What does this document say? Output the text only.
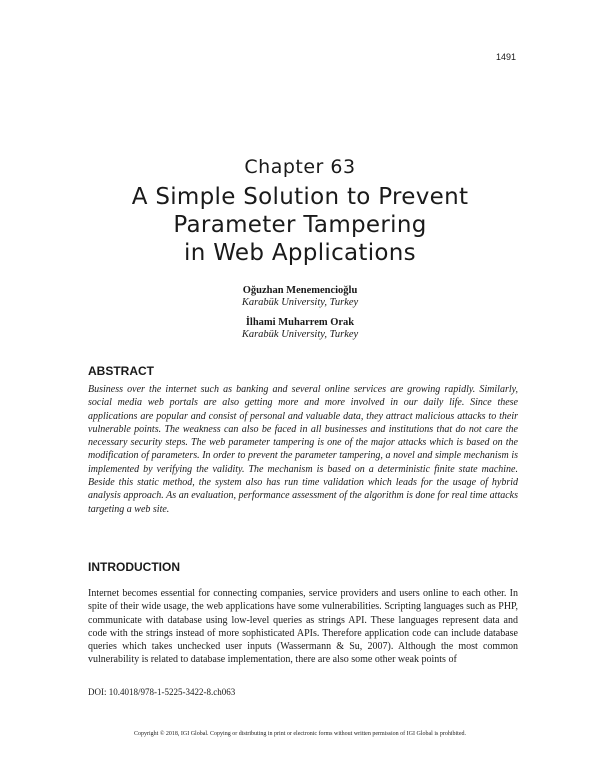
1491
Chapter 63
A Simple Solution to Prevent
Parameter Tampering
in Web Applications
Oğuzhan Menemencioğlu
Karabük University, Turkey
İlhami Muharrem Orak
Karabük University, Turkey
ABSTRACT

Business over the internet such as banking and several online services are growing rapidly. Similarly, social media web portals are also getting more and more involved in our daily life. Since these applications are popular and consist of personal and valuable data, they attract malicious attacks to their vulnerable points. The weakness can also be faced in all businesses and institutions that do not care the necessary security steps. The web parameter tampering is one of the major attacks which is based on the modification of parameters. In order to prevent the parameter tampering, a novel and simple mechanism is implemented by verifying the validity. The mechanism is based on a deterministic finite state machine. Beside this static method, the system also has run time validation which leads for the usage of hybrid analysis approach. As an evaluation, performance assessment of the algorithm is done for real time attacks targeting a web site.

INTRODUCTION

Internet becomes essential for connecting companies, service providers and users online to each other. In spite of their wide usage, the web applications have some vulnerabilities. Scripting languages such as PHP, communicate with database using low-level queries as strings API. These languages represent data and code with the strings instead of more sophisticated APIs. Therefore application code can include database queries which takes unchecked user inputs (Wassermann & Su, 2007). Although the most common vulnerability is related to database implementation, there are also some other weak points of

DOI: 10.4018/978-1-5225-3422-8.ch063
Copyright © 2018, IGI Global. Copying or distributing in print or electronic forms without written permission of IGI Global is prohibited.
